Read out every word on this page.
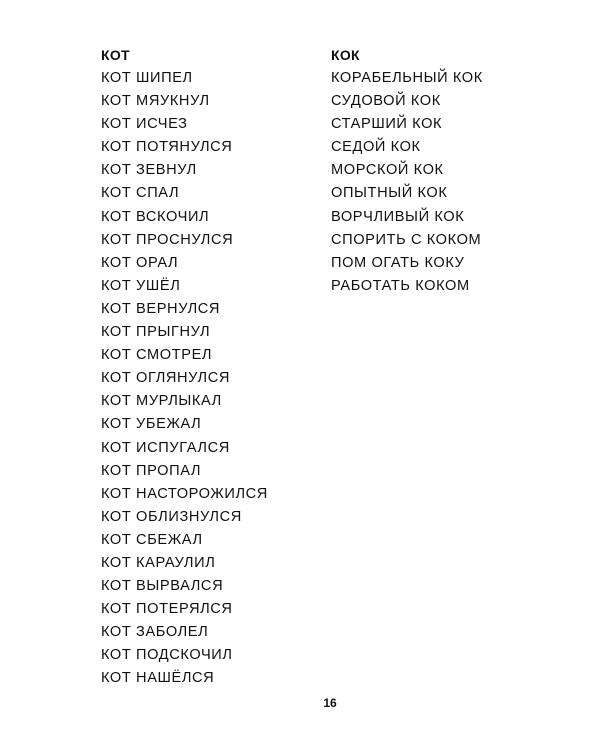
КОТ
КОТ ШИПЕЛ
КОТ МЯУКНУЛ
КОТ ИСЧЕЗ
КОТ ПОТЯНУЛСЯ
КОТ ЗЕВНУЛ
КОТ СПАЛ
КОТ ВСКОЧИЛ
КОТ ПРОСНУЛСЯ
КОТ ОРАЛ
КОТ УШЁЛ
КОТ ВЕРНУЛСЯ
КОТ ПРЫГНУЛ
КОТ СМОТРЕЛ
КОТ ОГЛЯНУЛСЯ
КОТ МУРЛЫКАЛ
КОТ УБЕЖАЛ
КОТ ИСПУГАЛСЯ
КОТ ПРОПАЛ
КОТ НАСТОРОЖИЛСЯ
КОТ ОБЛИЗНУЛСЯ
КОТ СБЕЖАЛ
КОТ КАРАУЛИЛ
КОТ ВЫРВАЛСЯ
КОТ ПОТЕРЯЛСЯ
КОТ ЗАБОЛЕЛ
КОТ ПОДСКОЧИЛ
КОТ НАШЁЛСЯ
КОК
КОРАБЕЛЬНЫЙ КОК
СУДОВОЙ КОК
СТАРШИЙ КОК
СЕДОЙ КОК
МОРСКОЙ КОК
ОПЫТНЫЙ КОК
ВОРЧЛИВЫЙ КОК
СПОРИТЬ С КОКОМ
ПОМ ОГАТЬ КОКУ
РАБОТАТЬ КОКОМ
16
